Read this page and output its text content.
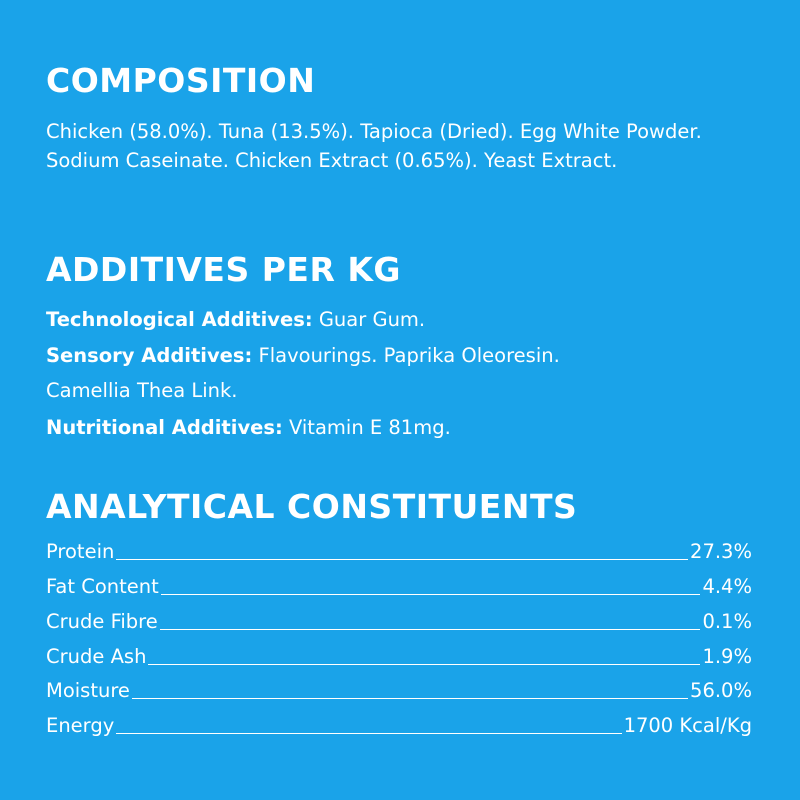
COMPOSITION
Chicken (58.0%). Tuna (13.5%). Tapioca (Dried). Egg White Powder. Sodium Caseinate. Chicken Extract (0.65%). Yeast Extract.
ADDITIVES PER KG
Technological Additives: Guar Gum.
Sensory Additives: Flavourings. Paprika Oleoresin.
Camellia Thea Link.
Nutritional Additives: Vitamin E 81mg.
ANALYTICAL CONSTITUENTS
Protein	27.3%
Fat Content	4.4%
Crude Fibre	0.1%
Crude Ash	1.9%
Moisture	56.0%
Energy	1700 Kcal/Kg
